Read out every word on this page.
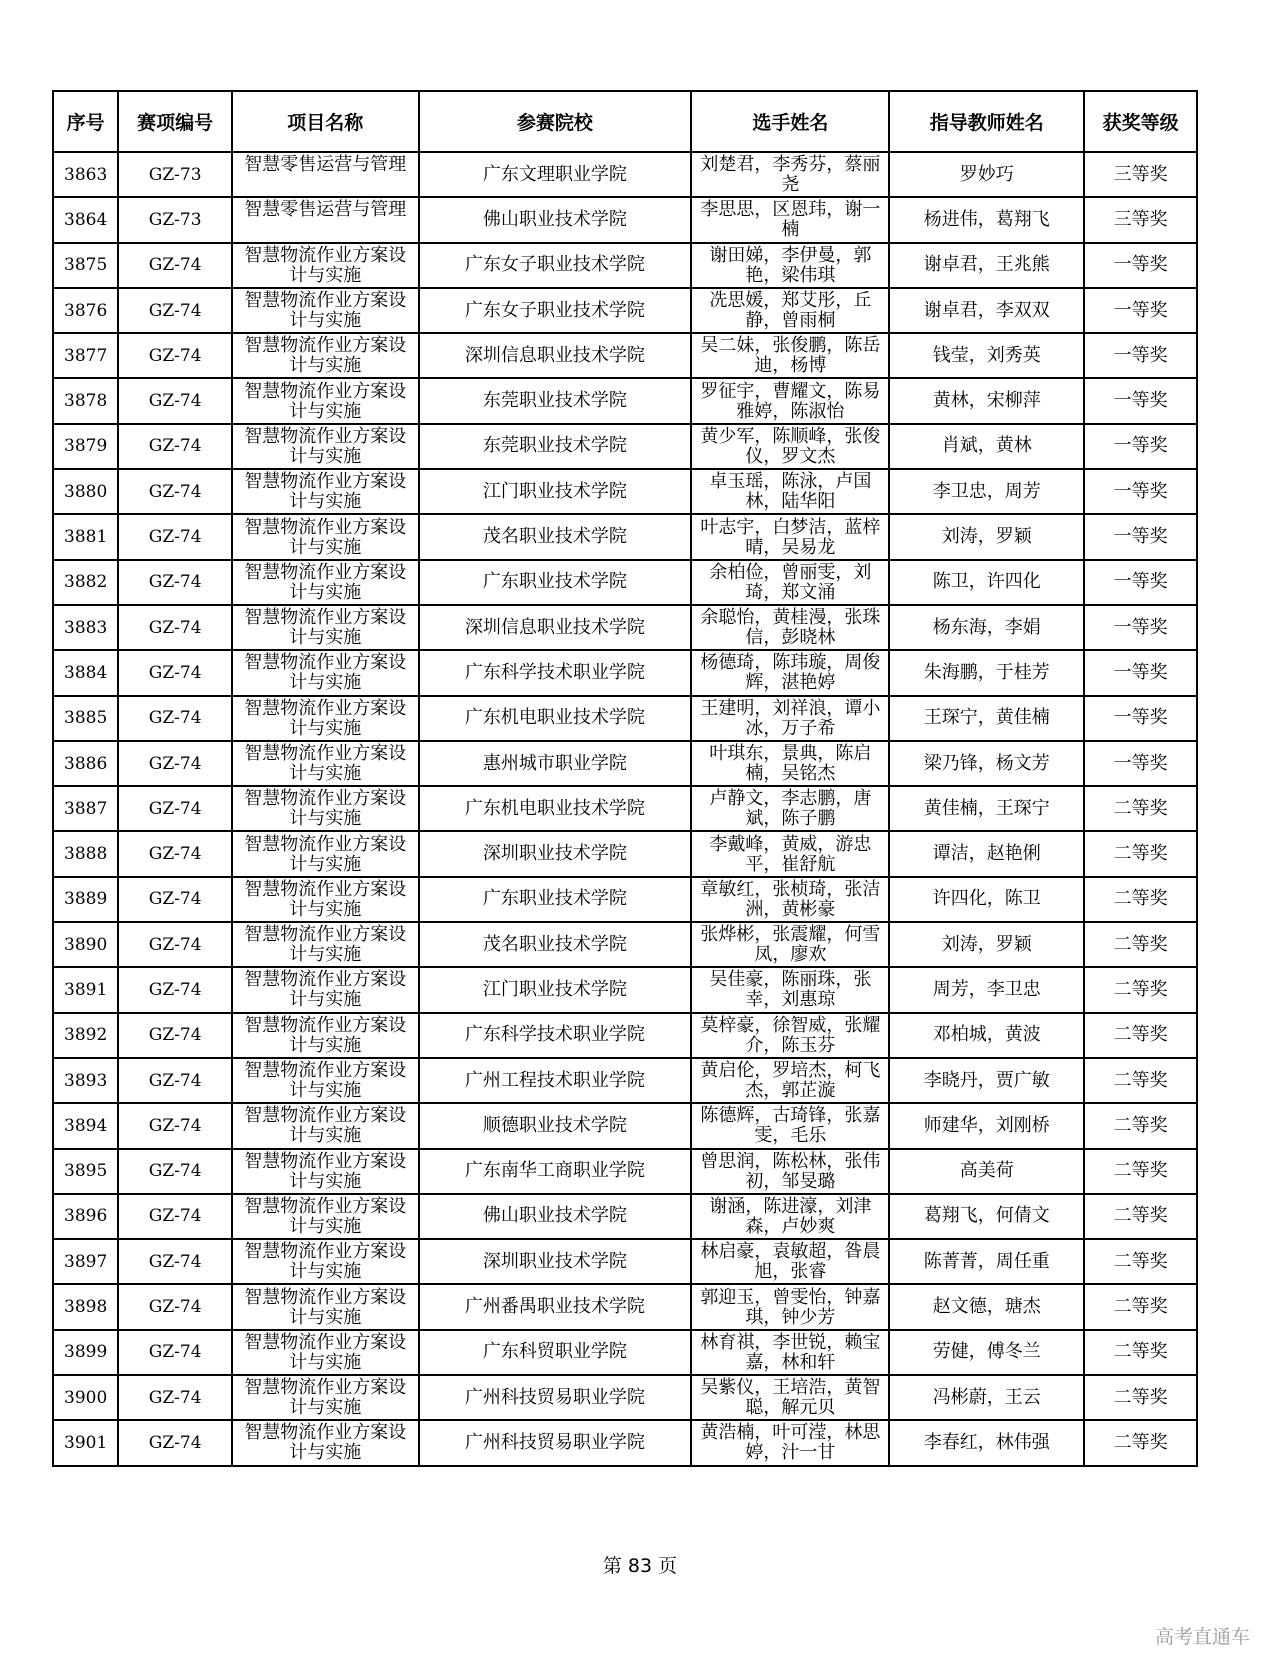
序号	赛项编号	项目名称	参赛院校	选手姓名	指导教师姓名	获奖等级
3863	GZ-73	智慧零售运营与管理	广东文理职业学院	刘楚君，李秀芬，蔡丽尧	罗妙巧	三等奖
3864	GZ-73	智慧零售运营与管理	佛山职业技术学院	李思思，区恩玮，谢一楠	杨进伟，葛翔飞	三等奖
3875	GZ-74	智慧物流作业方案设计与实施	广东女子职业技术学院	谢田娣，李伊曼，郭艳，梁伟琪	谢卓君，王兆熊	一等奖
3876	GZ-74	智慧物流作业方案设计与实施	广东女子职业技术学院	冼思媛，郑艾彤，丘静，曾雨桐	谢卓君，李双双	一等奖
3877	GZ-74	智慧物流作业方案设计与实施	深圳信息职业技术学院	吴二妹，张俊鹏，陈岳迪，杨博	钱莹，刘秀英	一等奖
3878	GZ-74	智慧物流作业方案设计与实施	东莞职业技术学院	罗征宇，曹耀文，陈易雅婷，陈淑怡	黄林，宋柳萍	一等奖
3879	GZ-74	智慧物流作业方案设计与实施	东莞职业技术学院	黄少军，陈顺峰，张俊仪，罗文杰	肖斌，黄林	一等奖
3880	GZ-74	智慧物流作业方案设计与实施	江门职业技术学院	卓玉瑶，陈泳，卢国林，陆华阳	李卫忠，周芳	一等奖
3881	GZ-74	智慧物流作业方案设计与实施	茂名职业技术学院	叶志宇，白梦洁，蓝梓晴，吴易龙	刘涛，罗颖	一等奖
3882	GZ-74	智慧物流作业方案设计与实施	广东职业技术学院	余柏俭，曾丽雯，刘琦，郑文涌	陈卫，许四化	一等奖
3883	GZ-74	智慧物流作业方案设计与实施	深圳信息职业技术学院	余聪怡，黄桂漫，张珠信，彭晓林	杨东海，李娟	一等奖
3884	GZ-74	智慧物流作业方案设计与实施	广东科学技术职业学院	杨德琦，陈玮璇，周俊辉，湛艳婷	朱海鹏，于桂芳	一等奖
3885	GZ-74	智慧物流作业方案设计与实施	广东机电职业技术学院	王建明，刘祥浪，谭小冰，万子希	王琛宁，黄佳楠	一等奖
3886	GZ-74	智慧物流作业方案设计与实施	惠州城市职业学院	叶琪东，景典，陈启楠，吴铭杰	梁乃锋，杨文芳	一等奖
3887	GZ-74	智慧物流作业方案设计与实施	广东机电职业技术学院	卢静文，李志鹏，唐斌，陈子鹏	黄佳楠，王琛宁	二等奖
3888	GZ-74	智慧物流作业方案设计与实施	深圳职业技术学院	李戴峰，黄威，游忠平，崔舒航	谭洁，赵艳俐	二等奖
3889	GZ-74	智慧物流作业方案设计与实施	广东职业技术学院	章敏红，张桢琦，张洁洲，黄彬豪	许四化，陈卫	二等奖
3890	GZ-74	智慧物流作业方案设计与实施	茂名职业技术学院	张烨彬，张震耀，何雪凤，廖欢	刘涛，罗颖	二等奖
3891	GZ-74	智慧物流作业方案设计与实施	江门职业技术学院	吴佳豪，陈丽珠，张幸，刘惠琼	周芳，李卫忠	二等奖
3892	GZ-74	智慧物流作业方案设计与实施	广东科学技术职业学院	莫梓豪，徐智威，张耀介，陈玉芬	邓柏城，黄波	二等奖
3893	GZ-74	智慧物流作业方案设计与实施	广州工程技术职业学院	黄启伦，罗培杰，柯飞杰，郭芷漩	李晓丹，贾广敏	二等奖
3894	GZ-74	智慧物流作业方案设计与实施	顺德职业技术学院	陈德辉，古琦锋，张嘉雯，毛乐	师建华，刘刚桥	二等奖
3895	GZ-74	智慧物流作业方案设计与实施	广东南华工商职业学院	曾思润，陈松林，张伟初，邹旻璐	高美荷	二等奖
3896	GZ-74	智慧物流作业方案设计与实施	佛山职业技术学院	谢涵，陈进濠，刘津森，卢妙爽	葛翔飞，何倩文	二等奖
3897	GZ-74	智慧物流作业方案设计与实施	深圳职业技术学院	林启豪，袁敏超，昝晨旭，张睿	陈菁菁，周任重	二等奖
3898	GZ-74	智慧物流作业方案设计与实施	广州番禺职业技术学院	郭迎玉，曾雯怡，钟嘉琪，钟少芳	赵文德，瑭杰	二等奖
3899	GZ-74	智慧物流作业方案设计与实施	广东科贸职业学院	林育祺，李世锐，赖宝嘉，林和轩	劳健，傅冬兰	二等奖
3900	GZ-74	智慧物流作业方案设计与实施	广州科技贸易职业学院	吴紫仪，王培浩，黄智聪，解元贝	冯彬蔚，王云	二等奖
3901	GZ-74	智慧物流作业方案设计与实施	广州科技贸易职业学院	黄浩楠，叶可滢，林思婷，汁一甘	李春红，林伟强	二等奖
第 83 页
高考直通车
